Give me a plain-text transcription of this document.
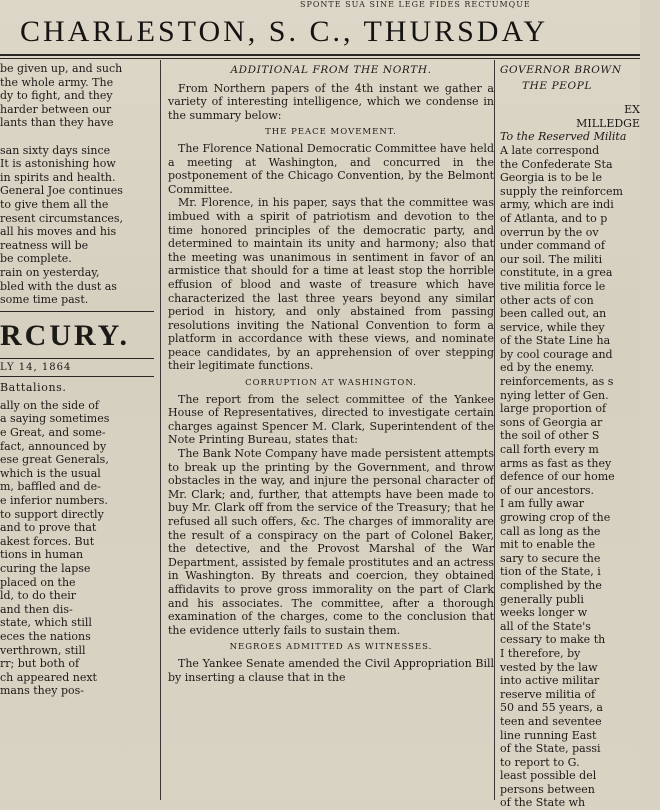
SPONTE SUA SINE LEGE FIDES RECTUMQUE
CHARLESTON, S. C., THURSDAY
be given up, and such
the whole army. The
dy to fight, and they
harder between our
lants than they have

san sixty days since
It is astonishing how
in spirits and health.
General Joe continues
to give them all the
resent circumstances,
all his moves and his
reatness will be
be complete.
rain on yesterday,
bled with the dust as
some time past.
RCURY.
LY 14, 1864
Battalions.
ally on the side of
a saying sometimes
e Great, and some-
fact, announced by
ese great Generals,
which is the usual
m, baffled and de-
e inferior numbers.
to support directly
and to prove that
akest forces. But
tions in human
curing the lapse
placed on the
ld, to do their
and then dis-
state, which still
eces the nations
verthrown, still
rr; but both of
ch appeared next
mans they pos-
ADDITIONAL FROM THE NORTH.

From Northern papers of the 4th instant we gather a variety of interesting intelligence, which we condense in the summary below:

THE PEACE MOVEMENT.

The Florence National Democratic Committee have held a meeting at Washington, and concurred in the postponement of the Chicago Convention, by the Belmont Committee.

Mr. Florence, in his paper, says that the committee was imbued with a spirit of patriotism and devotion to the time honored principles of the democratic party, and determined to maintain its unity and harmony; also that the meeting was unanimous in sentiment in favor of an armistice that should for a time at least stop the horrible effusion of blood and waste of treasure which have characterized the last three years beyond any similar period in history, and only abstained from passing resolutions inviting the National Convention to form a platform in accordance with these views, and nominate peace candidates, by an apprehension of over stepping their legitimate functions.

CORRUPTION AT WASHINGTON.

The report from the select committee of the Yankee House of Representatives, directed to investigate certain charges against Spencer M. Clark, Superintendent of the Note Printing Bureau, states that:

The Bank Note Company have made persistent attempts to break up the printing by the Government, and throw obstacles in the way, and injure the personal character of Mr. Clark; and, further, that attempts have been made to buy Mr. Clark off from the service of the Treasury; that he refused all such offers, &c. The charges of immorality are the result of a conspiracy on the part of Colonel Baker, the detective, and the Provost Marshal of the War Department, assisted by female prostitutes and an actress in Washington. By threats and coercion, they obtained affidavits to prove gross immorality on the part of Clark and his associates. The committee, after a thorough examination of the charges, come to the conclusion that the evidence utterly fails to sustain them.

NEGROES ADMITTED AS WITNESSES.

The Yankee Senate amended the Civil Appropriation Bill by inserting a clause that in the

GOVERNOR BROWN
THE PEOPL
EX
MILLEDGE
To the Reserved Milita
A late correspond
the Confederate Sta
Georgia is to be le
supply the reinforcem
army, which are indi
of Atlanta, and to p
overrun by the ov
under command of
our soil. The militi
constitute, in a grea
tive militia force le
other acts of con
been called out, an
service, while they
of the State Line ha
by cool courage and
ed by the enemy.
reinforcements, as s
nying letter of Gen.
large proportion of
sons of Georgia ar
the soil of other S
call forth every m
arms as fast as they
defence of our home
of our ancestors.
I am fully awar
growing crop of the
call as long as the
mit to enable the
sary to secure the
tion of the State, i
complished by the
generally publi
weeks longer w
all of the State's
cessary to make th
I therefore, by
vested by the law
into active militar
reserve militia of
50 and 55 years, a
teen and seventee
line running East
of the State, passi
to report to G.
least possible del
persons between
of the State wh
